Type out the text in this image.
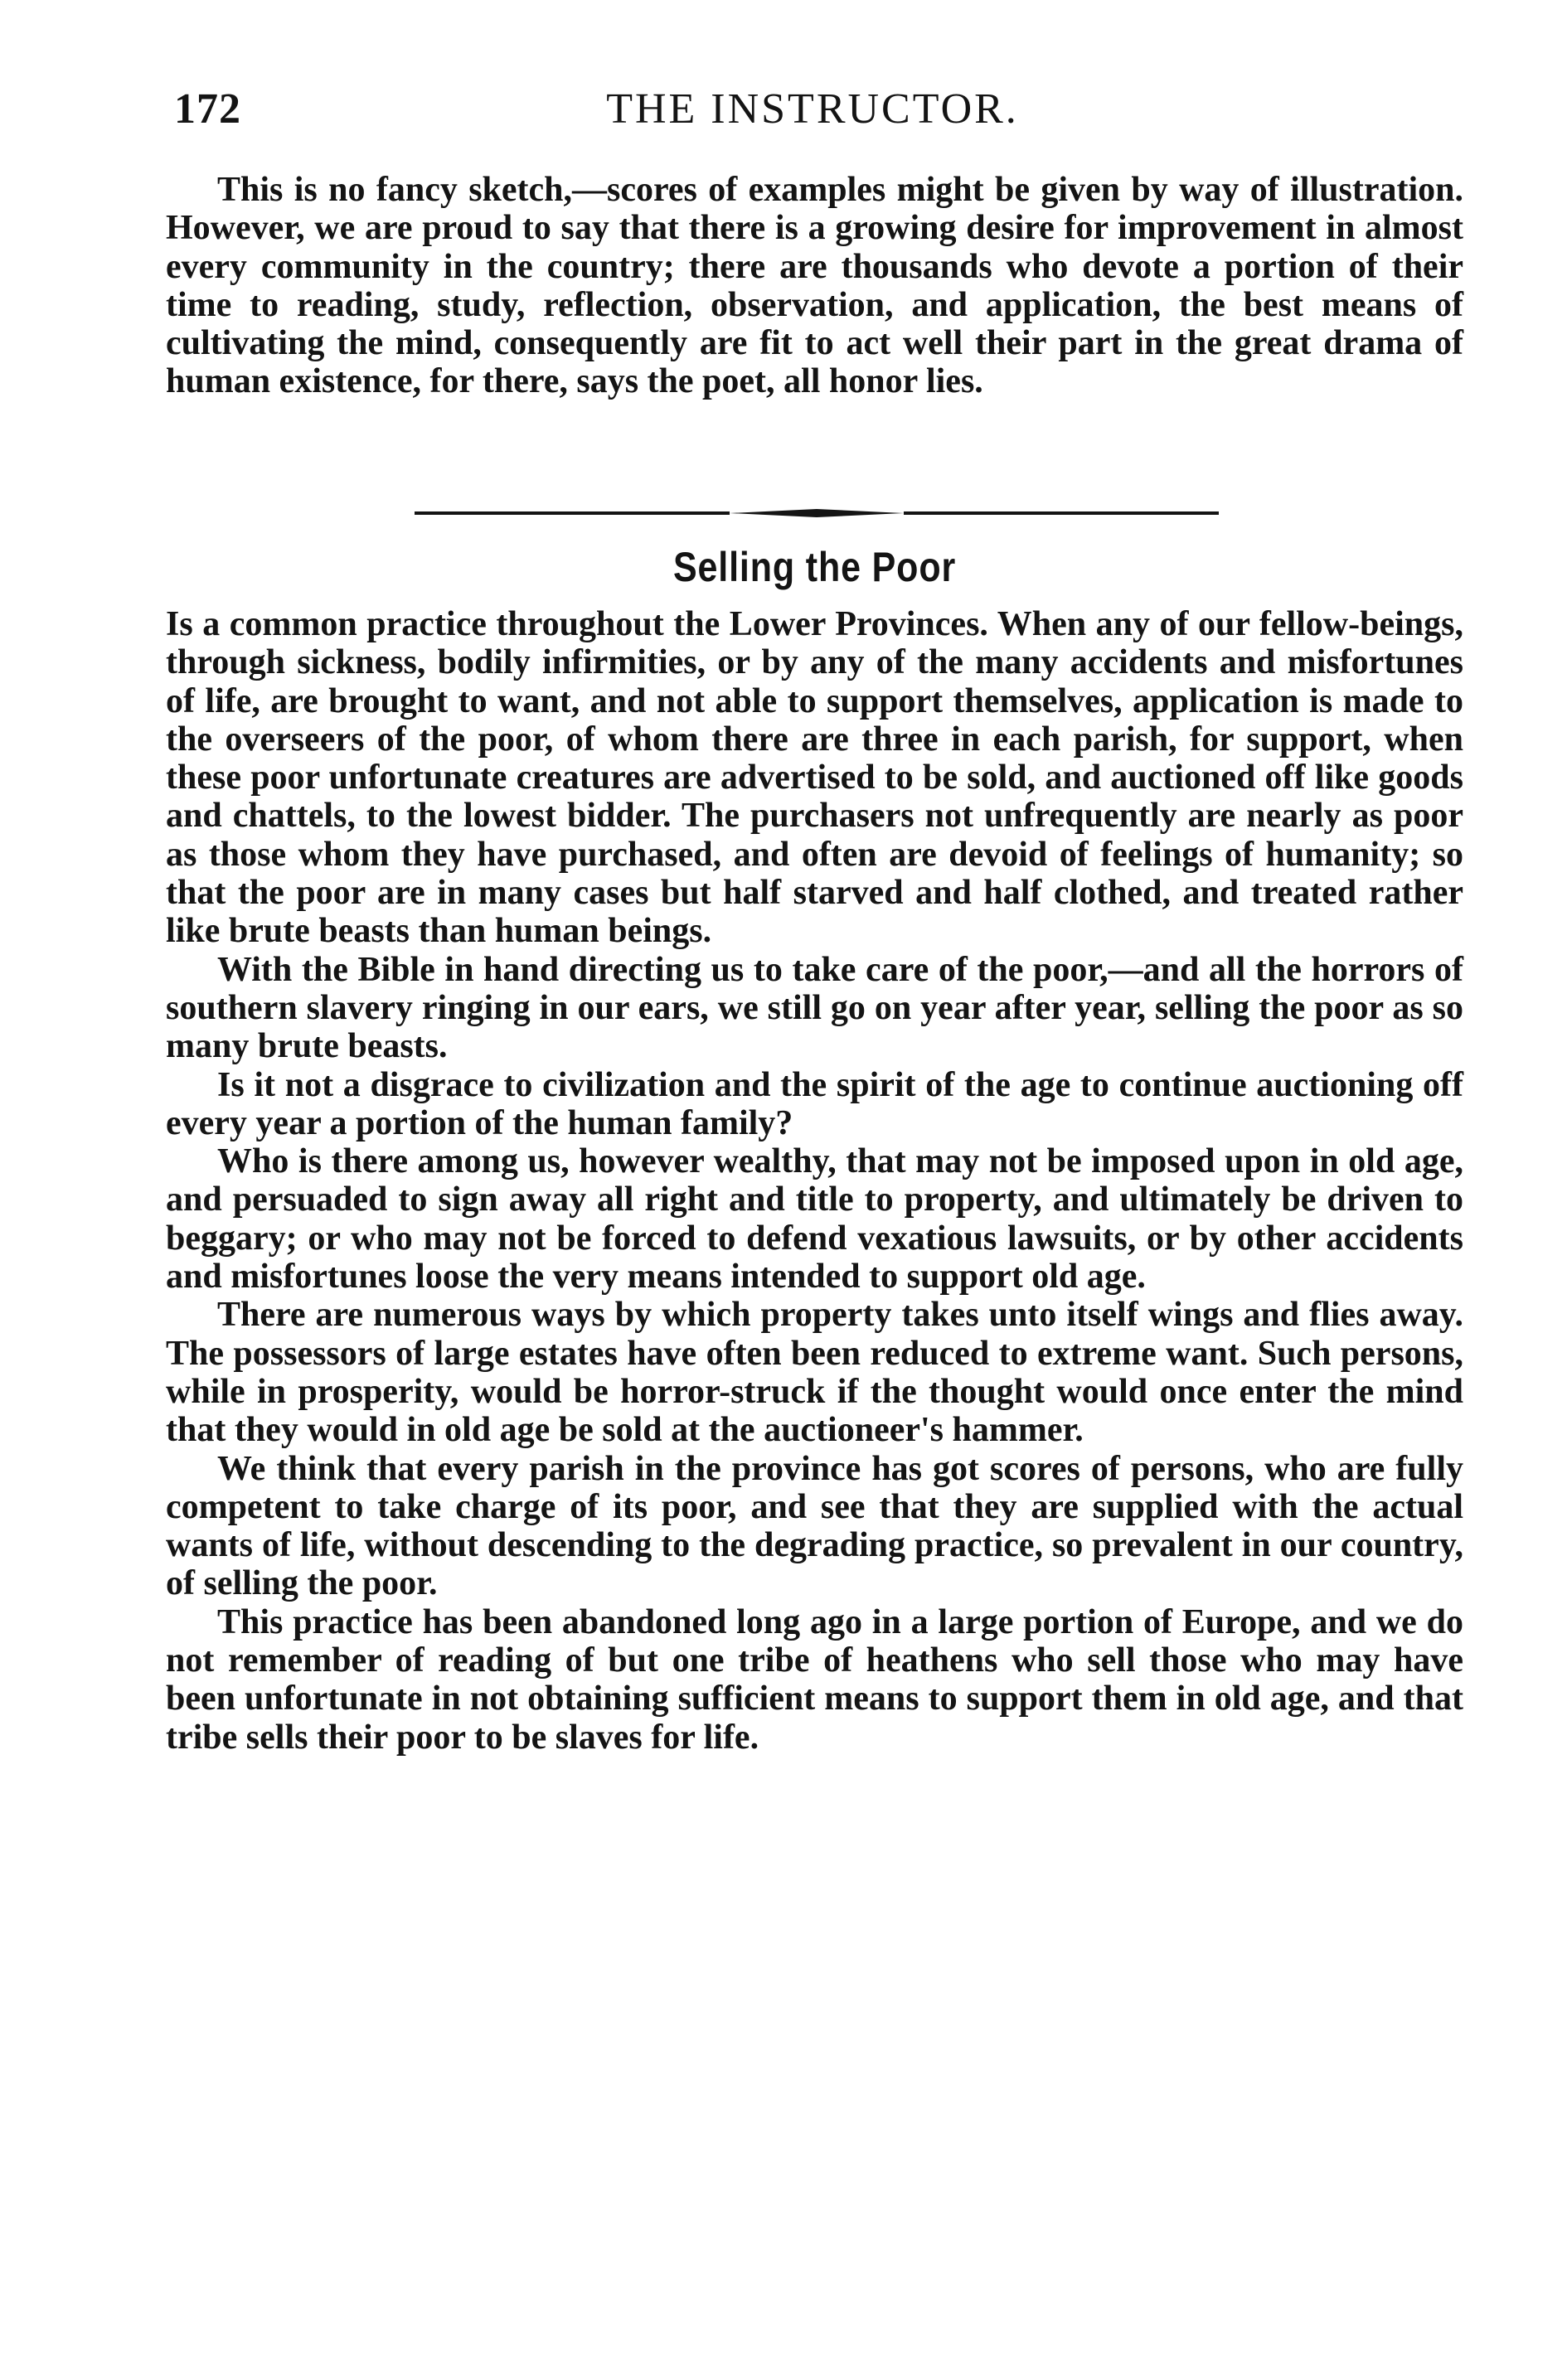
172	THE INSTRUCTOR.

This is no fancy sketch,—scores of examples might be given by way of illustration. However, we are proud to say that there is a growing desire for improvement in almost every community in the country; there are thousands who devote a portion of their time to reading, study, reflection, observation, and application, the best means of cultivating the mind, consequently are fit to act well their part in the great drama of human existence, for there, says the poet, all honor lies.

Selling the Poor

Is a common practice throughout the Lower Provinces. When any of our fellow-beings, through sickness, bodily infirmities, or by any of the many accidents and misfortunes of life, are brought to want, and not able to support themselves, application is made to the overseers of the poor, of whom there are three in each parish, for support, when these poor unfortunate creatures are advertised to be sold, and auctioned off like goods and chattels, to the lowest bidder. The purchasers not unfrequently are nearly as poor as those whom they have purchased, and often are devoid of feelings of humanity; so that the poor are in many cases but half starved and half clothed, and treated rather like brute beasts than human beings.

With the Bible in hand directing us to take care of the poor,—and all the horrors of southern slavery ringing in our ears, we still go on year after year, selling the poor as so many brute beasts.

Is it not a disgrace to civilization and the spirit of the age to continue auctioning off every year a portion of the human family?

Who is there among us, however wealthy, that may not be imposed upon in old age, and persuaded to sign away all right and title to property, and ultimately be driven to beggary; or who may not be forced to defend vexatious lawsuits, or by other accidents and misfortunes loose the very means intended to support old age.

There are numerous ways by which property takes unto itself wings and flies away. The possessors of large estates have often been reduced to extreme want. Such persons, while in prosperity, would be horror-struck if the thought would once enter the mind that they would in old age be sold at the auctioneer's hammer.

We think that every parish in the province has got scores of persons, who are fully competent to take charge of its poor, and see that they are supplied with the actual wants of life, without descending to the degrading practice, so prevalent in our country, of selling the poor.

This practice has been abandoned long ago in a large portion of Europe, and we do not remember of reading of but one tribe of heathens who sell those who may have been unfortunate in not obtaining sufficient means to support them in old age, and that tribe sells their poor to be slaves for life.
